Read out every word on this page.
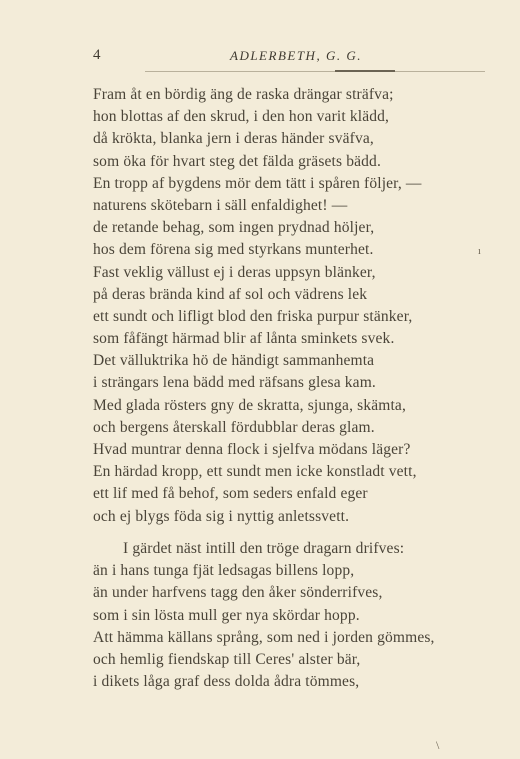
4	ADLERBETH, G. G.
Fram åt en bördig äng de raska drängar sträfva;
hon blottas af den skrud, i den hon varit klädd,
då krökta, blanka jern i deras händer sväfva,
som öka för hvart steg det fälda gräsets bädd.
En tropp af bygdens mör dem tätt i spåren följer, —
naturens skötebarn i säll enfaldighet! —
de retande behag, som ingen prydnad höljer,
hos dem förena sig med styrkans munterhet.
Fast veklig vällust ej i deras uppsyn blänker,
på deras brända kind af sol och vädrens lek
ett sundt och lifligt blod den friska purpur stänker,
som fåfängt härmad blir af lånta sminkets svek.
Det välluktrika hö de händigt sammanhemta
i strängars lena bädd med räfsans glesa kam.
Med glada rösters gny de skratta, sjunga, skämta,
och bergens återskall fördubblar deras glam.
Hvad muntrar denna flock i sjelfva mödans läger?
En härdad kropp, ett sundt men icke konstladt vett,
ett lif med få behof, som seders enfald eger
och ej blygs föda sig i nyttig anletssvett.
I gärdet näst intill den tröge dragarn drifves:
än i hans tunga fjät ledsagas billens lopp,
än under harfvens tagg den åker sönderrifves,
som i sin lösta mull ger nya skördar hopp.
Att hämma källans språng, som ned i jorden gömmes,
och hemlig fiendskap till Ceres' alster bär,
i dikets låga graf dess dolda ådra tömmes,
ı
\
